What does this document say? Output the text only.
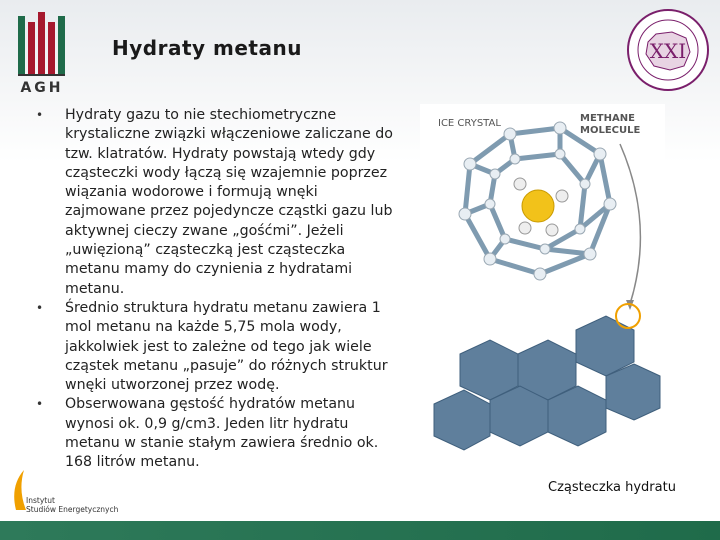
AGH
Hydraty metanu	XXI
• Hydraty gazu to nie stechiometryczne krystaliczne związki włączeniowe zaliczane do tzw. klatratów. Hydraty powstają wtedy gdy cząsteczki wody łączą się wzajemnie poprzez wiązania wodorowe i formują wnęki zajmowane przez pojedyncze cząstki gazu lub aktywnej cieczy zwane „gośćmi”. Jeżeli „uwięzioną” cząsteczką jest cząsteczka metanu mamy do czynienia z hydratami metanu.
• Średnio struktura hydratu metanu zawiera 1 mol metanu na każde 5,75 mola wody, jakkolwiek jest to zależne od tego jak wiele cząstek metanu „pasuje” do różnych struktur wnęki utworzonej przez wodę.
• Obserwowana gęstość hydratów metanu wynosi ok. 0,9 g/cm3. Jeden litr hydratu metanu w stanie stałym zawiera średnio ok. 168 litrów metanu.
ICE CRYSTAL	METHANE
MOLECULE
Cząsteczka hydratu
Instytut
Studiów Energetycznych
